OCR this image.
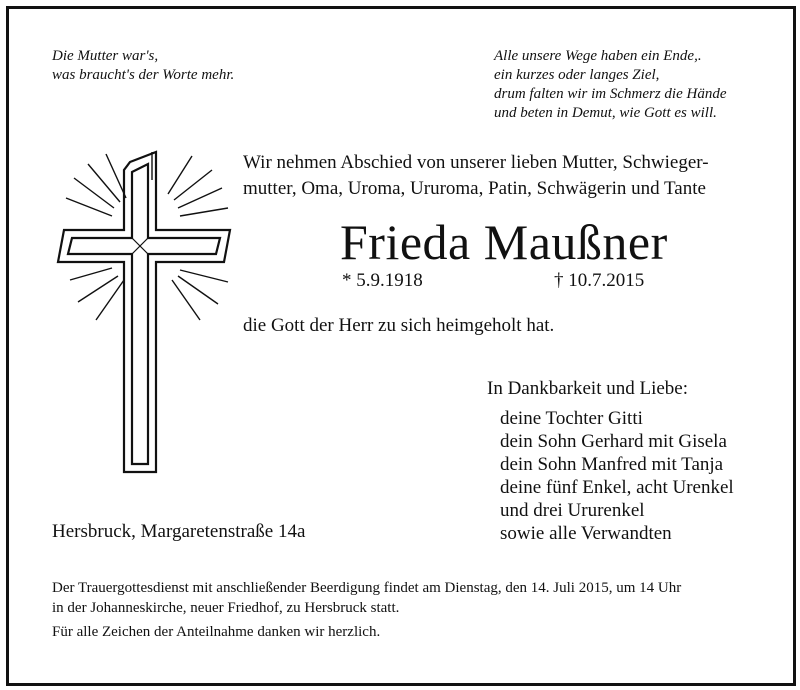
Die Mutter war's,
was braucht's der Worte mehr.
Alle unsere Wege haben ein Ende,.
ein kurzes oder langes Ziel,
drum falten wir im Schmerz die Hände
und beten in Demut, wie Gott es will.
Wir nehmen Abschied von unserer lieben Mutter, Schwieger-
mutter, Oma, Uroma, Ururoma, Patin, Schwägerin und Tante
Frieda Maußner
* 5.9.1918	† 10.7.2015
die Gott der Herr zu sich heimgeholt hat.
In Dankbarkeit und Liebe:
deine Tochter Gitti
dein Sohn Gerhard mit Gisela
dein Sohn Manfred mit Tanja
deine fünf Enkel, acht Urenkel
und drei Ururenkel
sowie alle Verwandten
Hersbruck, Margaretenstraße 14a
Der Trauergottesdienst mit anschließender Beerdigung findet am Dienstag, den 14. Juli 2015, um 14 Uhr
in der Johanneskirche, neuer Friedhof, zu Hersbruck statt.
Für alle Zeichen der Anteilnahme danken wir herzlich.
